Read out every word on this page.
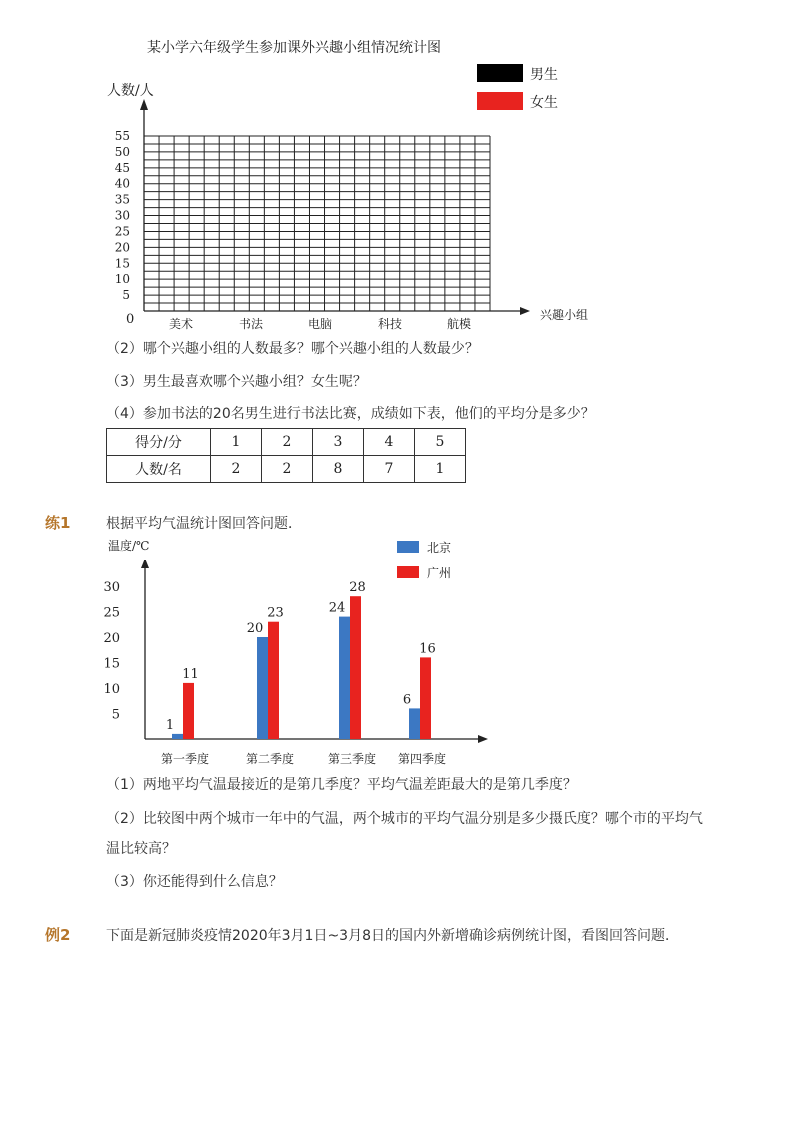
某小学六年级学生参加课外兴趣小组情况统计图
男生
女生
人数/人
5
10
15
20
25
30
35
40
45
50
55
美术	书法	电脑	科技	航模
0	兴趣小组
（2）哪个兴趣小组的人数最多？哪个兴趣小组的人数最少？
（3）男生最喜欢哪个兴趣小组？女生呢？
（4）参加书法的20名男生进行书法比赛，成绩如下表，他们的平均分是多少？
得分/分	1	2	3	4	5
人数/名	2	2	8	7	1
练1	根据平均气温统计图回答问题．
温度/℃	北京
广州
5
10
15
20
25
30
1
11
第一季度
20
23
第二季度
24
28
第三季度
6
16
第四季度
（1）两地平均气温最接近的是第几季度？平均气温差距最大的是第几季度？
（2）比较图中两个城市一年中的气温，两个城市的平均气温分别是多少摄氏度？哪个市的平均气
温比较高？
（3）你还能得到什么信息？
例2	下面是新冠肺炎疫情2020年3月1日~3月8日的国内外新增确诊病例统计图，看图回答问题．
